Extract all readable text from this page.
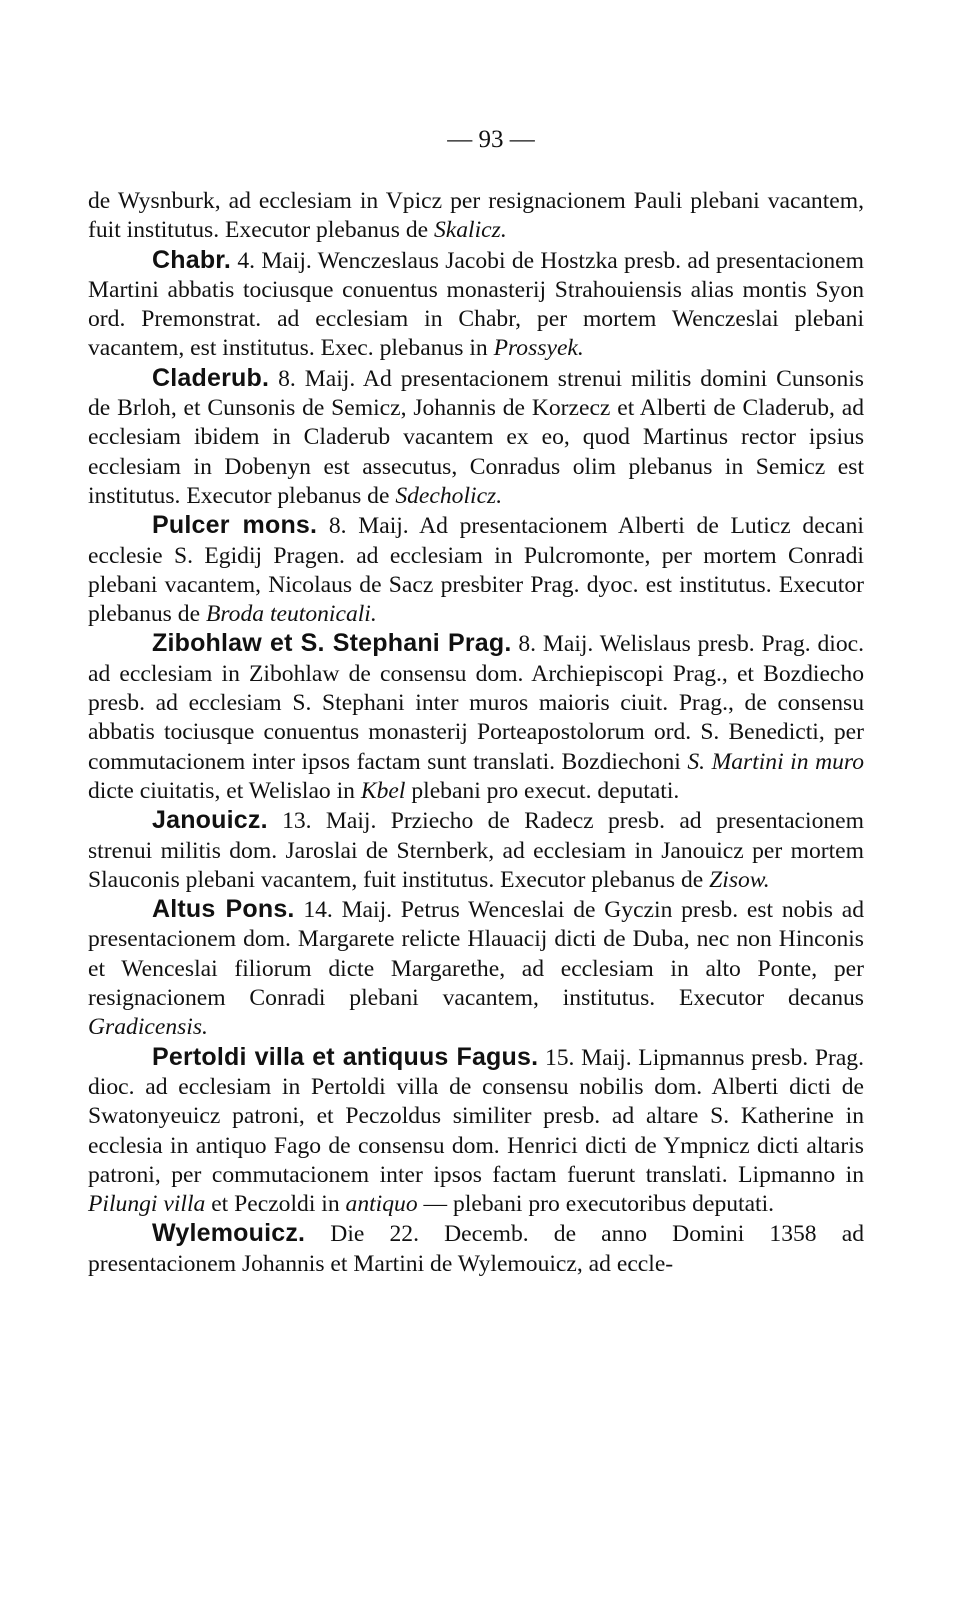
— 93 —

de Wysnburk, ad ecclesiam in Vpicz per resignacionem Pauli plebani vacantem, fuit institutus. Executor plebanus de Skalicz.

Chabr. 4. Maij. Wenczeslaus Jacobi de Hostzka presb. ad presentacionem Martini abbatis tociusque conuentus monasterij Strahouiensis alias montis Syon ord. Premonstrat. ad ecclesiam in Chabr, per mortem Wenczeslai plebani vacantem, est institutus. Exec. plebanus in Prossyek.

Claderub. 8. Maij. Ad presentacionem strenui militis domini Cunsonis de Brloh, et Cunsonis de Semicz, Johannis de Korzecz et Alberti de Claderub, ad ecclesiam ibidem in Claderub vacantem ex eo, quod Martinus rector ipsius ecclesiam in Dobenyn est assecutus, Conradus olim plebanus in Semicz est institutus. Executor plebanus de Sdecholicz.

Pulcer mons. 8. Maij. Ad presentacionem Alberti de Luticz decani ecclesie S. Egidij Pragen. ad ecclesiam in Pulcromonte, per mortem Conradi plebani vacantem, Nicolaus de Sacz presbiter Prag. dyoc. est institutus. Executor plebanus de Broda teutonicali.

Zibohlaw et S. Stephani Prag. 8. Maij. Welislaus presb. Prag. dioc. ad ecclesiam in Zibohlaw de consensu dom. Archiepiscopi Prag., et Bozdiecho presb. ad ecclesiam S. Stephani inter muros maioris ciuit. Prag., de consensu abbatis tociusque conuentus monasterij Porteapostolorum ord. S. Benedicti, per commutacionem inter ipsos factam sunt translati. Bozdiechoni S. Martini in muro dicte ciuitatis, et Welislao in Kbel plebani pro execut. deputati.

Janouicz. 13. Maij. Prziecho de Radecz presb. ad presentacionem strenui militis dom. Jaroslai de Sternberk, ad ecclesiam in Janouicz per mortem Slauconis plebani vacantem, fuit institutus. Executor plebanus de Zisow.

Altus Pons. 14. Maij. Petrus Wenceslai de Gyczin presb. est nobis ad presentacionem dom. Margarete relicte Hlauacij dicti de Duba, nec non Hinconis et Wenceslai filiorum dicte Margarethe, ad ecclesiam in alto Ponte, per resignacionem Conradi plebani vacantem, institutus. Executor decanus Gradicensis.

Pertoldi villa et antiquus Fagus. 15. Maij. Lipmannus presb. Prag. dioc. ad ecclesiam in Pertoldi villa de consensu nobilis dom. Alberti dicti de Swatonyeuicz patroni, et Peczoldus similiter presb. ad altare S. Katherine in ecclesia in antiquo Fago de consensu dom. Henrici dicti de Ympnicz dicti altaris patroni, per commutacionem inter ipsos factam fuerunt translati. Lipmanno in Pilungi villa et Peczoldi in antiquo — plebani pro executoribus deputati.

Wylemouicz. Die 22. Decemb. de anno Domini 1358 ad presentacionem Johannis et Martini de Wylemouicz, ad eccle-
